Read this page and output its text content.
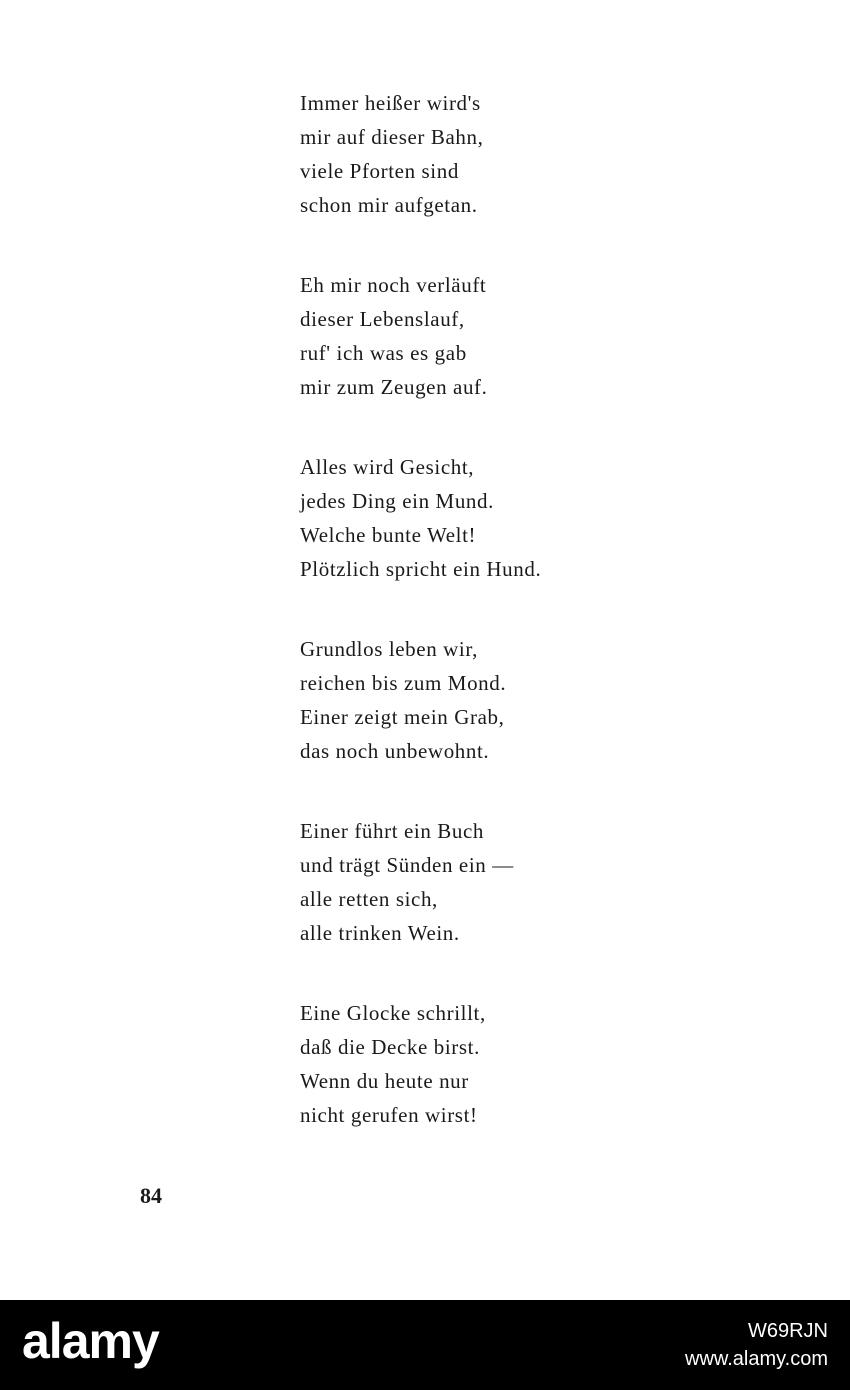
Immer heißer wird's
mir auf dieser Bahn,
viele Pforten sind
schon mir aufgetan.
Eh mir noch verläuft
dieser Lebenslauf,
ruf' ich was es gab
mir zum Zeugen auf.
Alles wird Gesicht,
jedes Ding ein Mund.
Welche bunte Welt!
Plötzlich spricht ein Hund.
Grundlos leben wir,
reichen bis zum Mond.
Einer zeigt mein Grab,
das noch unbewohnt.
Einer führt ein Buch
und trägt Sünden ein —
alle retten sich,
alle trinken Wein.
Eine Glocke schrillt,
daß die Decke birst.
Wenn du heute nur
nicht gerufen wirst!
84
alamy	W69RJN
www.alamy.com
